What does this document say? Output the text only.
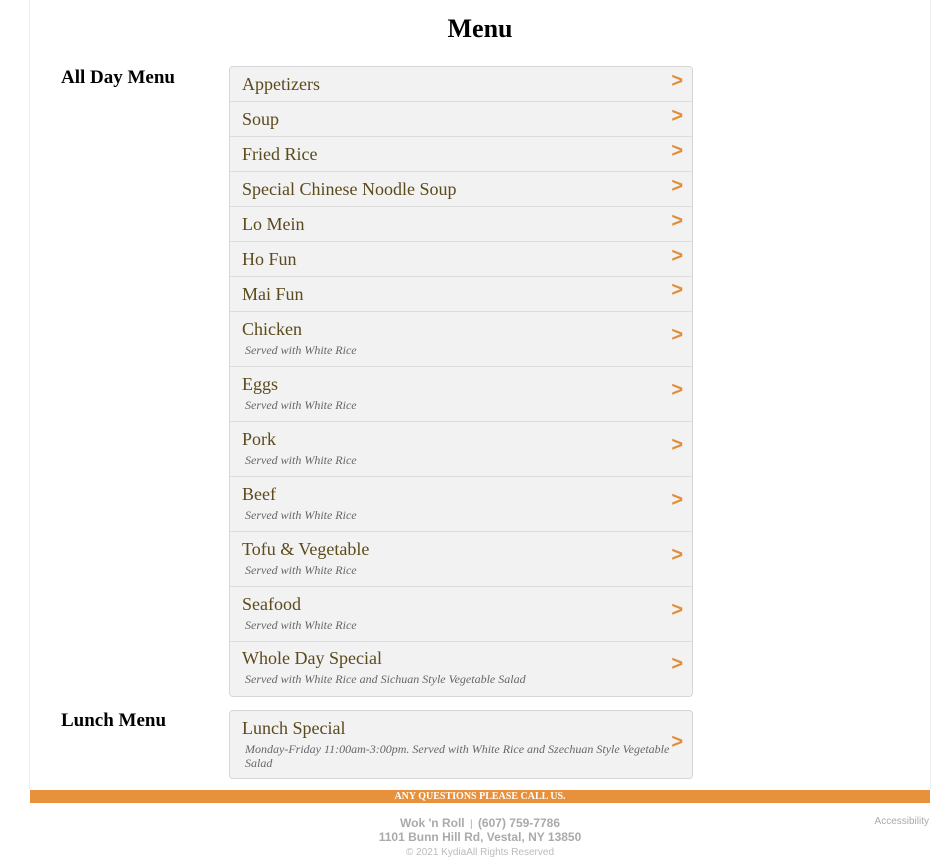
Menu
All Day Menu	Appetizers	>
Soup	>
Fried Rice	>
Special Chinese Noodle Soup	>
Lo Mein	>
Ho Fun	>
Mai Fun	>
Chicken
Served with White Rice
>
Eggs
Served with White Rice
>
Pork
Served with White Rice
>
Beef
Served with White Rice
>
Tofu & Vegetable
Served with White Rice
>
Seafood
Served with White Rice
>
Whole Day Special
Served with White Rice and Sichuan Style Vegetable Salad
>
Lunch Menu	Lunch Special
Monday-Friday 11:00am-3:00pm. Served with White Rice and Szechuan Style Vegetable Salad
>
ANY QUESTIONS PLEASE CALL US.
Wok 'n Roll | (607) 759-7786
1101 Bunn Hill Rd, Vestal, NY 13850
© 2021 KydiaAll Rights Reserved
Accessibility
